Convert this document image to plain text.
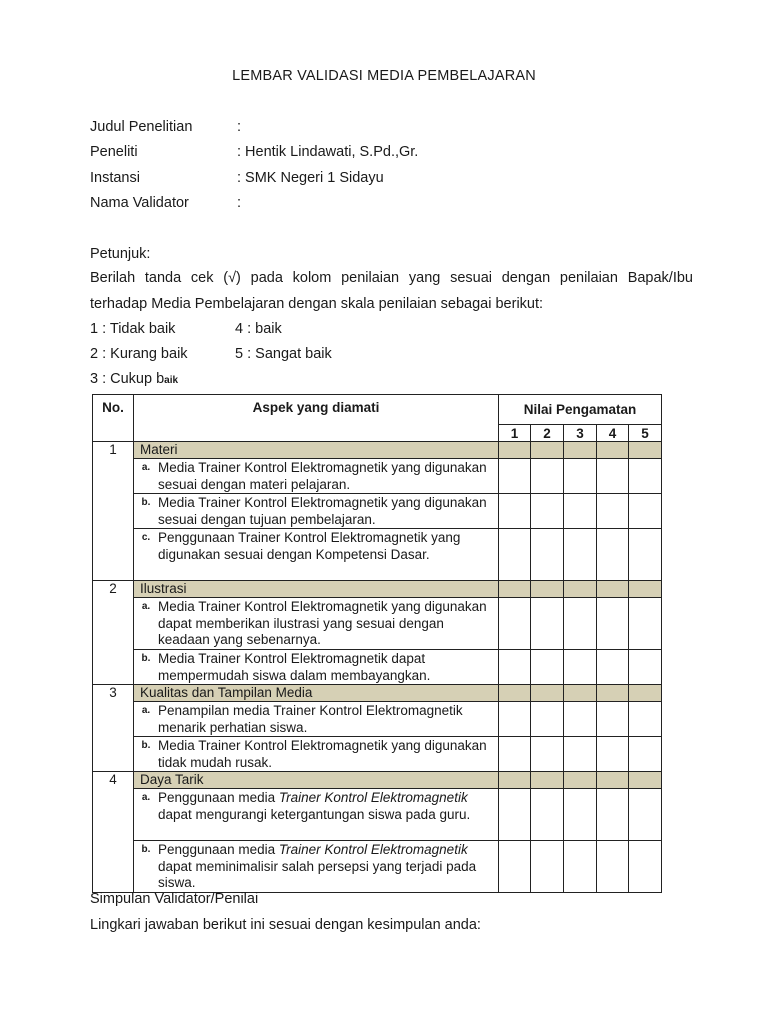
LEMBAR VALIDASI MEDIA PEMBELAJARAN
Judul Penelitian	:
Peneliti	: Hentik Lindawati, S.Pd.,Gr.
Instansi	: SMK Negeri 1 Sidayu
Nama Validator	:
Petunjuk:
Berilah tanda cek (√) pada kolom penilaian yang sesuai dengan penilaian Bapak/Ibu
terhadap Media Pembelajaran dengan skala penilaian sebagai berikut:
1 : Tidak baik	4 : baik
2 : Kurang baik	5 : Sangat baik
3 : Cukup baik
No.	Aspek yang diamati	Nilai Pengamatan				
		1	2	3	4	5
1	Materi					

	a. Media Trainer Kontrol Elektromagnetik yang digunakan sesuai dengan materi pelajaran.					

	b. Media Trainer Kontrol Elektromagnetik yang digunakan sesuai dengan tujuan pembelajaran.					

	c. Penggunaan Trainer Kontrol Elektromagnetik yang digunakan sesuai dengan Kompetensi Dasar.					

2	Ilustrasi					

	a. Media Trainer Kontrol Elektromagnetik yang digunakan dapat memberikan ilustrasi yang sesuai dengan keadaan yang sebenarnya.					

	b. Media Trainer Kontrol Elektromagnetik dapat mempermudah siswa dalam membayangkan.					

3	Kualitas dan Tampilan Media					

	a. Penampilan media Trainer Kontrol Elektromagnetik menarik perhatian siswa.					

	b. Media Trainer Kontrol Elektromagnetik yang digunakan tidak mudah rusak.					

4	Daya Tarik					

	a. Penggunaan media Trainer Kontrol Elektromagnetik dapat mengurangi ketergantungan siswa pada guru.					

	b. Penggunaan media Trainer Kontrol Elektromagnetik dapat meminimalisir salah persepsi yang terjadi pada siswa.					

Simpulan Validator/Penilai
Lingkari jawaban berikut ini sesuai dengan kesimpulan anda:
